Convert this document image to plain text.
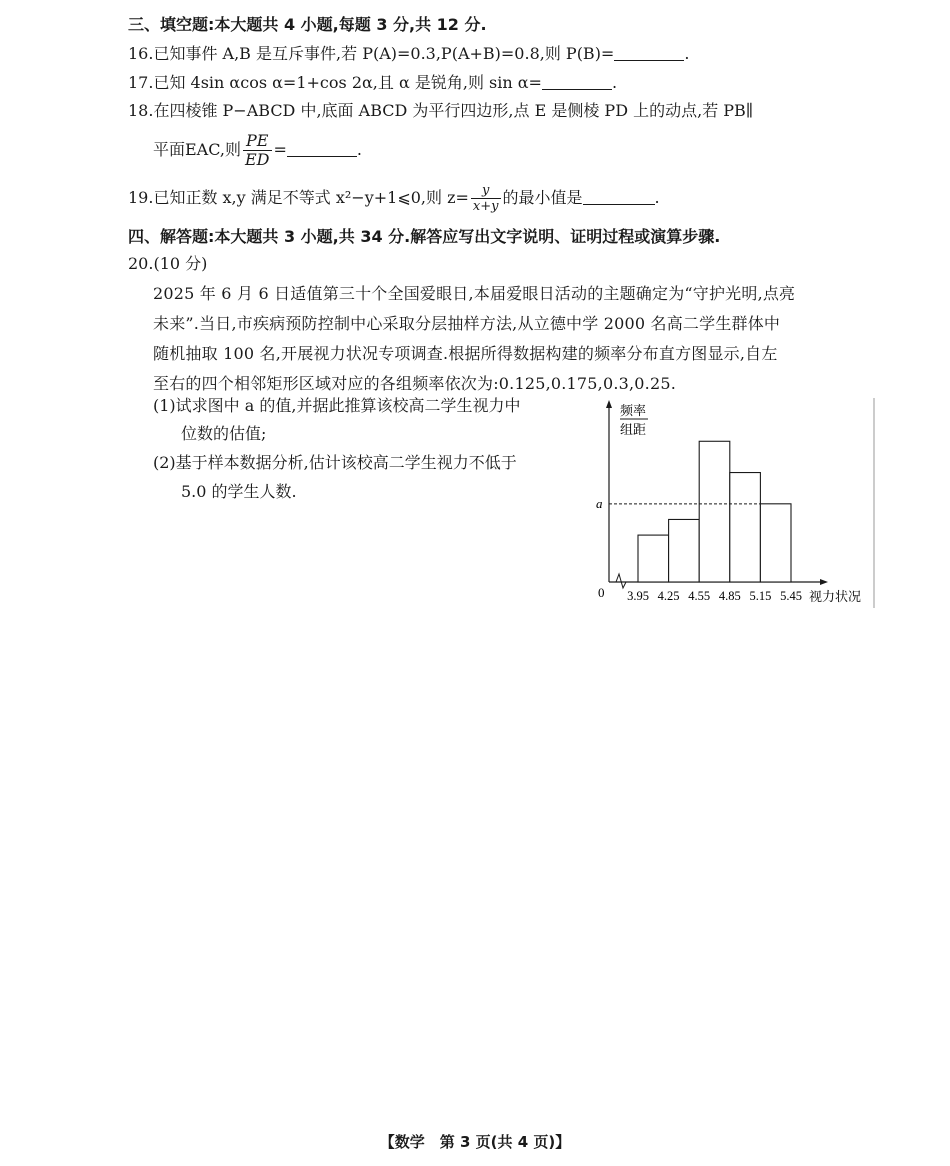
三、填空题:本大题共 4 小题,每题 3 分,共 12 分.
16.已知事件 A,B 是互斥事件,若 P(A)=0.3,P(A+B)=0.8,则 P(B)=	.
17.已知 4sin αcos α=1+cos 2α,且 α 是锐角,则 sin α=	.
18.在四棱锥 P−ABCD 中,底面 ABCD 为平行四边形,点 E 是侧棱 PD 上的动点,若 PB∥
平面EAC,则 $\frac{PE}{ED}$ =	.
19.已知正数 x,y 满足不等式 x²−y+1⩽0,则 $z= \frac{y}{x+y}$ 的最小值是	.
四、解答题:本大题共 3 小题,共 34 分.解答应写出文字说明、证明过程或演算步骤.
20.(10 分)
2025 年 6 月 6 日适值第三十个全国爱眼日,本届爱眼日活动的主题确定为“守护光明,点亮
未来”.当日,市疾病预防控制中心采取分层抽样方法,从立德中学 2000 名高二学生群体中
随机抽取 100 名,开展视力状况专项调查.根据所得数据构建的频率分布直方图显示,自左
至右的四个相邻矩形区域对应的各组频率依次为:0.125,0.175,0.3,0.25.
(1)试求图中 a 的值,并据此推算该校高二学生视力中
位数的估值;
(2)基于样本数据分析,估计该校高二学生视力不低于
5.0 的学生人数.
频率
组距
0
a
视力状况
3.95 4.25 4.55 4.85 5.15 5.45
【数学　第 3 页(共 4 页)】
